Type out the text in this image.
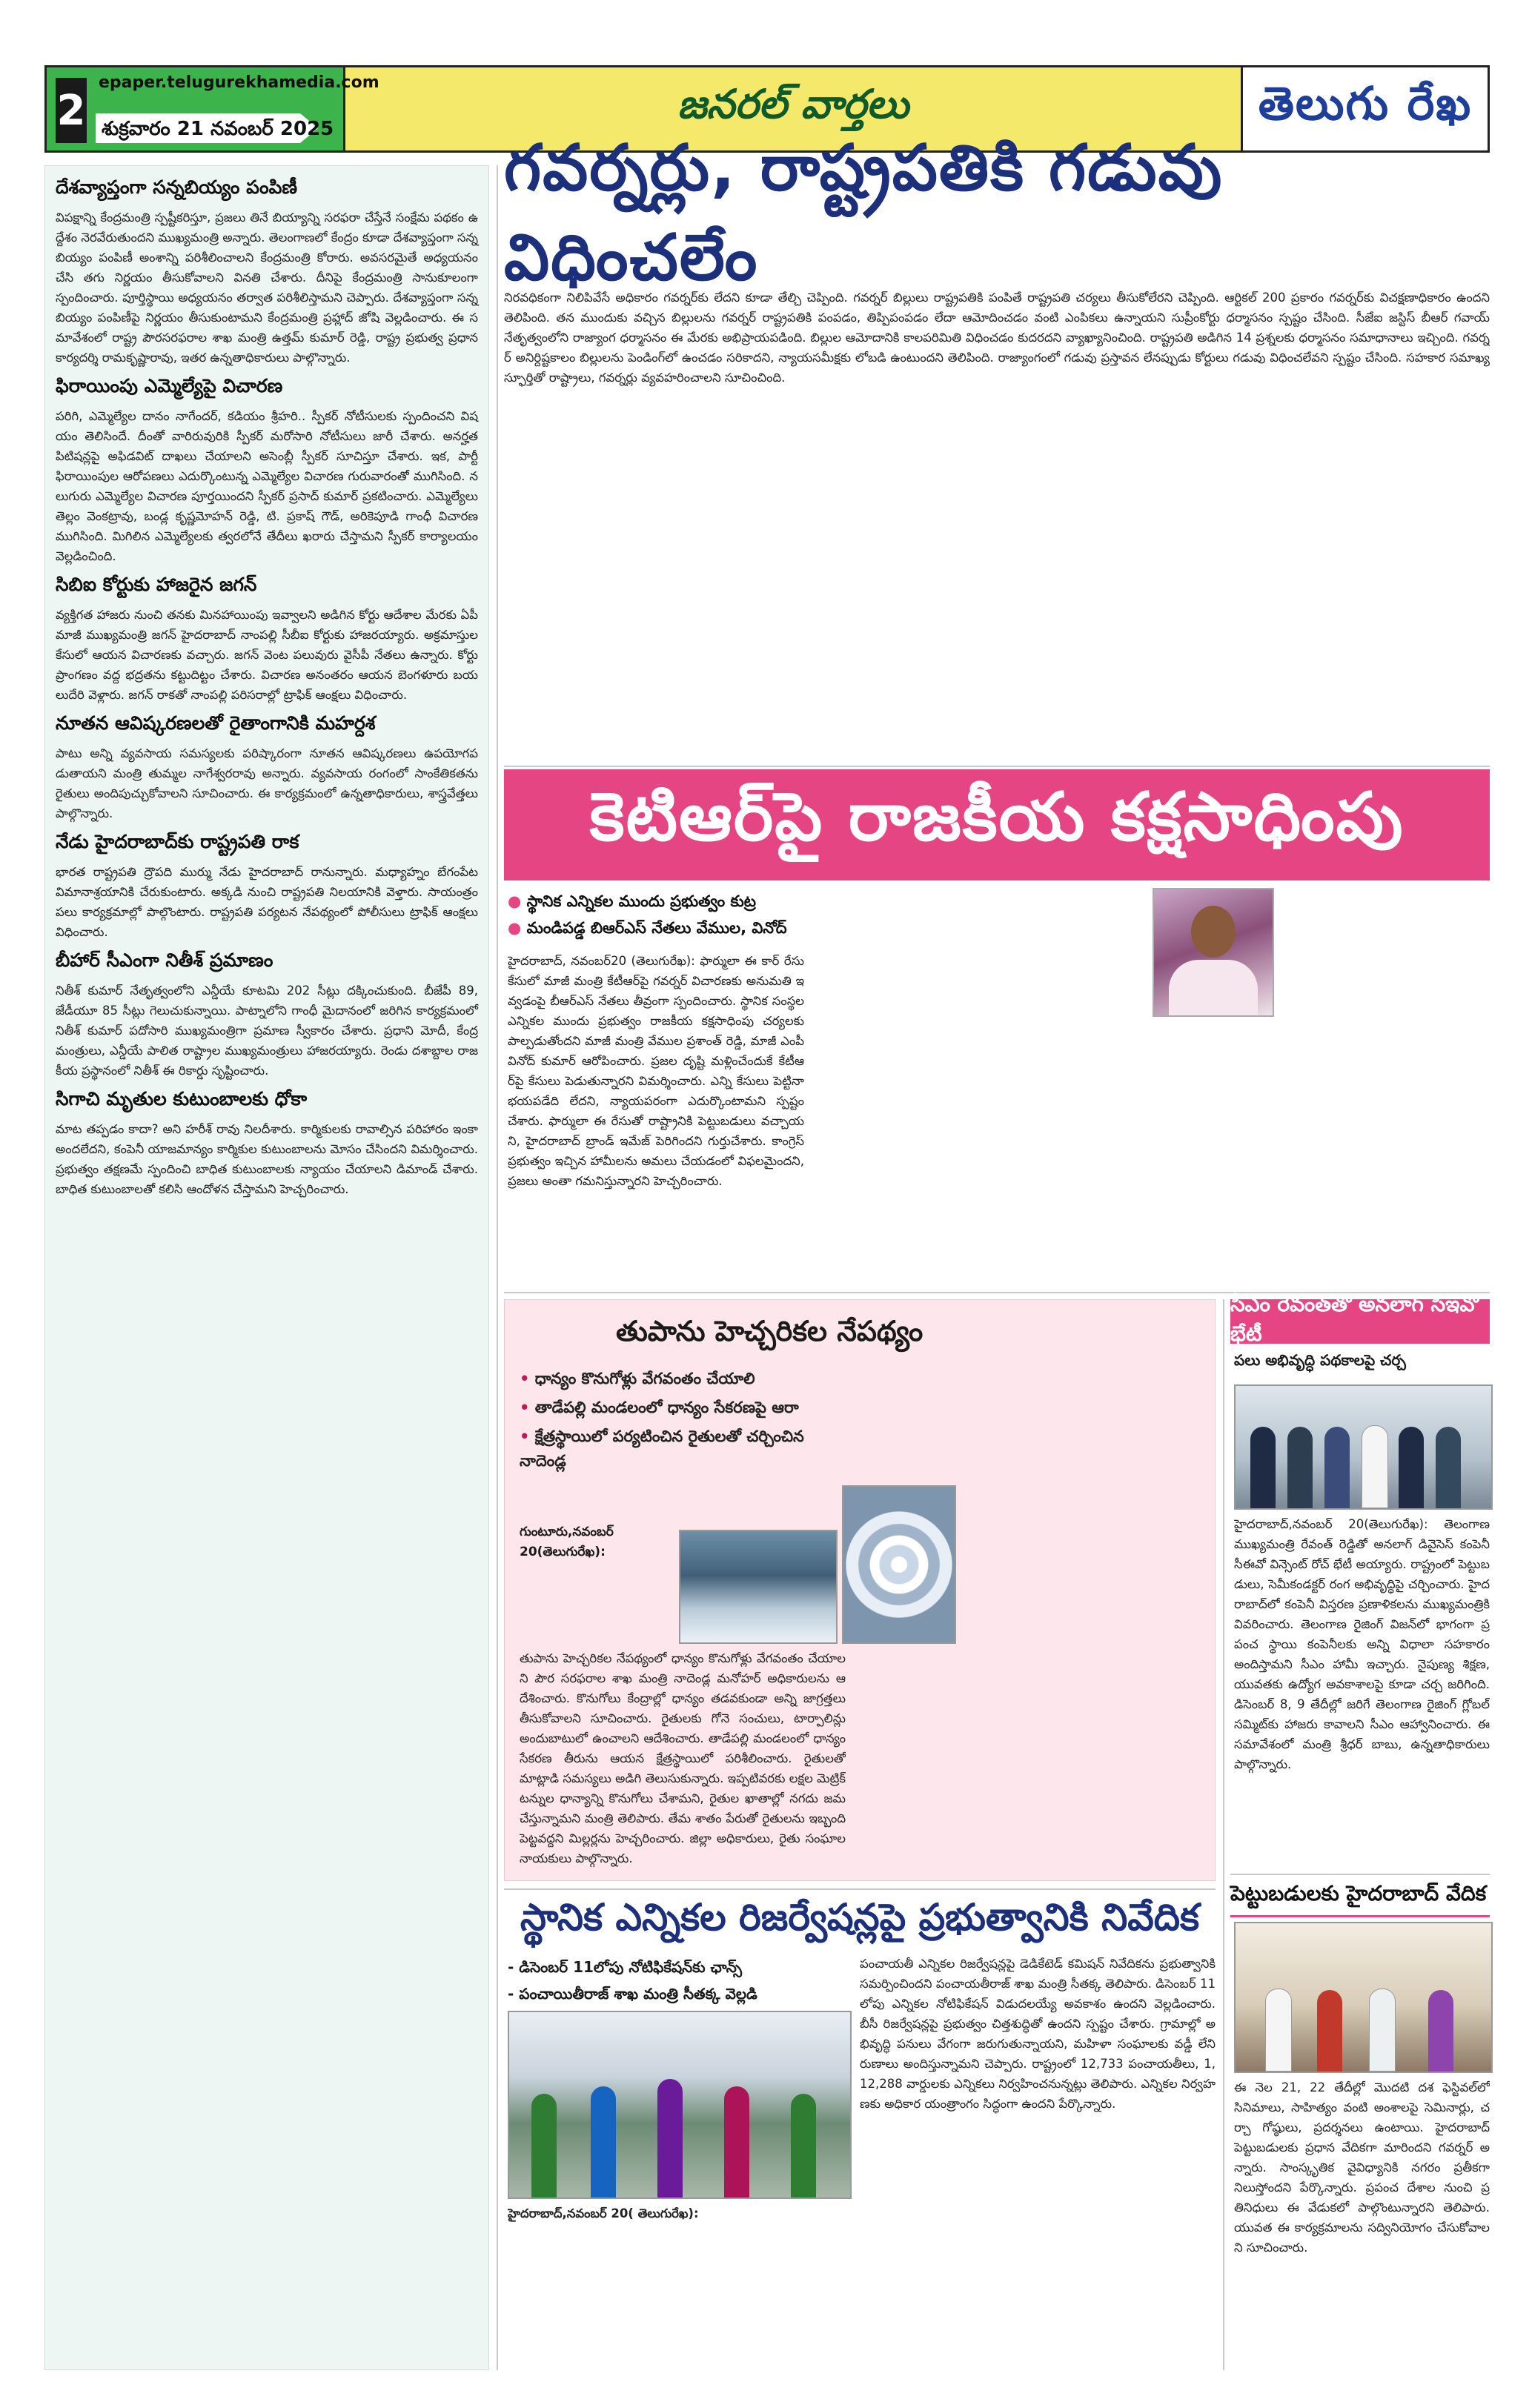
2
epaper.telugurekhamedia.com
శుక్రవారం 21 నవంబర్ 2025
జనరల్ వార్తలు	తెలుగు రేఖ
దేశవ్యాప్తంగా సన్నబియ్యం పంపిణీ
విపక్షాన్ని కేంద్రమంత్రి స్పష్టీకరిస్తూ, ప్రజలు తినే బియ్యాన్ని సరఫరా చేస్తేనే సంక్షేమ పథకం ఉద్దేశం నెరవేరుతుందని ముఖ్యమంత్రి అన్నారు. తెలంగాణలో కేంద్రం కూడా దేశవ్యాప్తంగా సన్న బియ్యం పంపిణీ అంశాన్ని పరిశీలించాలని కేంద్రమంత్రి కోరారు. అవసరమైతే అధ్యయనం చేసి తగు నిర్ణయం తీసుకోవాలని వినతి చేశారు. దీనిపై కేంద్రమంత్రి సానుకూలంగా స్పందించారు. పూర్తిస్థాయి అధ్యయనం తర్వాత పరిశీలిస్తామని చెప్పారు. దేశవ్యాప్తంగా సన్న బియ్యం పంపిణీపై నిర్ణయం తీసుకుంటామని కేంద్రమంత్రి ప్రహ్లాద్ జోషి వెల్లడించారు. ఈ సమావేశంలో రాష్ట్ర పౌరసరఫరాల శాఖ మంత్రి ఉత్తమ్ కుమార్ రెడ్డి, రాష్ట్ర ప్రభుత్వ ప్రధాన కార్యదర్శి రామకృష్ణారావు, ఇతర ఉన్నతాధికారులు పాల్గొన్నారు.
ఫిరాయింపు ఎమ్మెల్యేపై విచారణ
పరిగి, ఎమ్మెల్యేల దానం నాగేందర్, కడియం శ్రీహరి.. స్పీకర్ నోటీసులకు స్పందించని విషయం తెలిసిందే. దీంతో వారిరువురికి స్పీకర్ మరోసారి నోటీసులు జారీ చేశారు. అనర్హత పిటిషన్లపై అఫిడవిట్ దాఖలు చేయాలని అసెంబ్లీ స్పీకర్ సూచిస్తూ చేశారు. ఇక, పార్టీ ఫిరాయింపుల ఆరోపణలు ఎదుర్కొంటున్న ఎమ్మెల్యేల విచారణ గురువారంతో ముగిసింది. నలుగురు ఎమ్మెల్యేల విచారణ పూర్తయిందని స్పీకర్ ప్రసాద్ కుమార్ ప్రకటించారు. ఎమ్మెల్యేలు తెల్లం వెంకట్రావు, బండ్ల కృష్ణమోహన్ రెడ్డి, టి. ప్రకాష్ గౌడ్, అరికెపూడి గాంధీ విచారణ ముగిసింది. మిగిలిన ఎమ్మెల్యేలకు త్వరలోనే తేదీలు ఖరారు చేస్తామని స్పీకర్ కార్యాలయం వెల్లడించింది.
సిబిఐ కోర్టుకు హాజరైన జగన్
వ్యక్తిగత హాజరు నుంచి తనకు మినహాయింపు ఇవ్వాలని అడిగిన కోర్టు ఆదేశాల మేరకు ఏపీ మాజీ ముఖ్యమంత్రి జగన్ హైదరాబాద్ నాంపల్లి సీబీఐ కోర్టుకు హాజరయ్యారు. అక్రమాస్తుల కేసులో ఆయన విచారణకు వచ్చారు. జగన్ వెంట పలువురు వైసీపీ నేతలు ఉన్నారు. కోర్టు ప్రాంగణం వద్ద భద్రతను కట్టుదిట్టం చేశారు. విచారణ అనంతరం ఆయన బెంగళూరు బయలుదేరి వెళ్లారు. జగన్ రాకతో నాంపల్లి పరిసరాల్లో ట్రాఫిక్ ఆంక్షలు విధించారు.
నూతన ఆవిష్కరణలతో రైతాంగానికి మహర్దశ
పాటు అన్ని వ్యవసాయ సమస్యలకు పరిష్కారంగా నూతన ఆవిష్కరణలు ఉపయోగపడుతాయని మంత్రి తుమ్మల నాగేశ్వరరావు అన్నారు. వ్యవసాయ రంగంలో సాంకేతికతను రైతులు అందిపుచ్చుకోవాలని సూచించారు. ఈ కార్యక్రమంలో ఉన్నతాధికారులు, శాస్త్రవేత్తలు పాల్గొన్నారు.
నేడు హైదరాబాద్‌కు రాష్ట్రపతి రాక
భారత రాష్ట్రపతి ద్రౌపది ముర్ము నేడు హైదరాబాద్ రానున్నారు. మధ్యాహ్నం బేగంపేట విమానాశ్రయానికి చేరుకుంటారు. అక్కడి నుంచి రాష్ట్రపతి నిలయానికి వెళ్తారు. సాయంత్రం పలు కార్యక్రమాల్లో పాల్గొంటారు. రాష్ట్రపతి పర్యటన నేపథ్యంలో పోలీసులు ట్రాఫిక్ ఆంక్షలు విధించారు.
బీహార్ సీఎంగా నితీశ్ ప్రమాణం
నితీశ్ కుమార్ నేతృత్వంలోని ఎన్డీయే కూటమి 202 సీట్లు దక్కించుకుంది. బీజేపీ 89, జేడీయూ 85 సీట్లు గెలుచుకున్నాయి. పాట్నాలోని గాంధీ మైదానంలో జరిగిన కార్యక్రమంలో నితీశ్ కుమార్ పదోసారి ముఖ్యమంత్రిగా ప్రమాణ స్వీకారం చేశారు. ప్రధాని మోదీ, కేంద్ర మంత్రులు, ఎన్డీయే పాలిత రాష్ట్రాల ముఖ్యమంత్రులు హాజరయ్యారు. రెండు దశాబ్దాల రాజకీయ ప్రస్థానంలో నితీశ్ ఈ రికార్డు సృష్టించారు.
సిగాచి మృతుల కుటుంబాలకు ధోకా
మాట తప్పడం కాదా? అని హరీశ్ రావు నిలదీశారు. కార్మికులకు రావాల్సిన పరిహారం ఇంకా అందలేదని, కంపెనీ యాజమాన్యం కార్మికుల కుటుంబాలను మోసం చేసిందని విమర్శించారు. ప్రభుత్వం తక్షణమే స్పందించి బాధిత కుటుంబాలకు న్యాయం చేయాలని డిమాండ్ చేశారు. బాధిత కుటుంబాలతో కలిసి ఆందోళన చేస్తామని హెచ్చరించారు.
గవర్నర్లు, రాష్ట్రపతికి గడువు విధించలేం
నిరవధికంగా నిలిపివేసే అధికారం గవర్నర్‌కు లేదని కూడా తేల్చి చెప్పింది. గవర్నర్ బిల్లులు రాష్ట్రపతికి పంపితే రాష్ట్రపతి చర్యలు తీసుకోలేరని చెప్పింది. ఆర్టికల్ 200 ప్రకారం గవర్నర్‌కు విచక్షణాధికారం ఉందని తెలిపింది. తన ముందుకు వచ్చిన బిల్లులను గవర్నర్ రాష్ట్రపతికి పంపడం, తిప్పిపంపడం లేదా ఆమోదించడం వంటి ఎంపికలు ఉన్నాయని సుప్రీంకోర్టు ధర్మాసనం స్పష్టం చేసింది. సీజేఐ జస్టిస్ బీఆర్ గవాయ్ నేతృత్వంలోని రాజ్యాంగ ధర్మాసనం ఈ మేరకు అభిప్రాయపడింది. బిల్లుల ఆమోదానికి కాలపరిమితి విధించడం కుదరదని వ్యాఖ్యానించింది. రాష్ట్రపతి అడిగిన 14 ప్రశ్నలకు ధర్మాసనం సమాధానాలు ఇచ్చింది. గవర్నర్ అనిర్దిష్టకాలం బిల్లులను పెండింగ్‌లో ఉంచడం సరికాదని, న్యాయసమీక్షకు లోబడి ఉంటుందని తెలిపింది. రాజ్యాంగంలో గడువు ప్రస్తావన లేనప్పుడు కోర్టులు గడువు విధించలేవని స్పష్టం చేసింది. సహకార సమాఖ్య స్ఫూర్తితో రాష్ట్రాలు, గవర్నర్లు వ్యవహరించాలని సూచించింది.
కెటిఆర్‌పై రాజకీయ కక్షసాధింపు
● స్థానిక ఎన్నికల ముందు ప్రభుత్వం కుట్ర
● మండిపడ్డ బిఆర్ఎస్ నేతలు వేముల, వినోద్
హైదరాబాద్, నవంబర్20 (తెలుగురేఖ): ఫార్ములా ఈ కార్ రేసు కేసులో మాజీ మంత్రి కేటీఆర్‌పై గవర్నర్ విచారణకు అనుమతి ఇవ్వడంపై బీఆర్ఎస్ నేతలు తీవ్రంగా స్పందించారు. స్థానిక సంస్థల ఎన్నికల ముందు ప్రభుత్వం రాజకీయ కక్షసాధింపు చర్యలకు పాల్పడుతోందని మాజీ మంత్రి వేముల ప్రశాంత్ రెడ్డి, మాజీ ఎంపీ వినోద్ కుమార్ ఆరోపించారు. ప్రజల దృష్టి మళ్లించేందుకే కేటీఆర్‌పై కేసులు పెడుతున్నారని విమర్శించారు. ఎన్ని కేసులు పెట్టినా భయపడేది లేదని, న్యాయపరంగా ఎదుర్కొంటామని స్పష్టం చేశారు. ఫార్ములా ఈ రేసుతో రాష్ట్రానికి పెట్టుబడులు వచ్చాయని, హైదరాబాద్ బ్రాండ్ ఇమేజ్ పెరిగిందని గుర్తుచేశారు. కాంగ్రెస్ ప్రభుత్వం ఇచ్చిన హామీలను అమలు చేయడంలో విఫలమైందని, ప్రజలు అంతా గమనిస్తున్నారని హెచ్చరించారు.
తుపాను హెచ్చరికల నేపథ్యం
• ధాన్యం కొనుగోళ్లు వేగవంతం చేయాలి
• తాడేపల్లి మండలంలో ధాన్యం సేకరణపై ఆరా
• క్షేత్రస్థాయిలో పర్యటించిన రైతులతో చర్చించిన నాదెండ్ల
గుంటూరు,నవంబర్ 20(తెలుగురేఖ):
తుపాను హెచ్చరికల నేపథ్యంలో ధాన్యం కొనుగోళ్లు వేగవంతం చేయాలని పౌర సరఫరాల శాఖ మంత్రి నాదెండ్ల మనోహర్ అధికారులను ఆదేశించారు. కొనుగోలు కేంద్రాల్లో ధాన్యం తడవకుండా అన్ని జాగ్రత్తలు తీసుకోవాలని సూచించారు. రైతులకు గోనె సంచులు, టార్పాలిన్లు అందుబాటులో ఉంచాలని ఆదేశించారు. తాడేపల్లి మండలంలో ధాన్యం సేకరణ తీరును ఆయన క్షేత్రస్థాయిలో పరిశీలించారు. రైతులతో మాట్లాడి సమస్యలు అడిగి తెలుసుకున్నారు. ఇప్పటివరకు లక్షల మెట్రిక్ టన్నుల ధాన్యాన్ని కొనుగోలు చేశామని, రైతుల ఖాతాల్లో నగదు జమ చేస్తున్నామని మంత్రి తెలిపారు. తేమ శాతం పేరుతో రైతులను ఇబ్బంది పెట్టవద్దని మిల్లర్లను హెచ్చరించారు. జిల్లా అధికారులు, రైతు సంఘాల నాయకులు పాల్గొన్నారు.
సీఎం రేవంత్‌తో అనలాగ్ సిఇవో భేటీ
పలు అభివృద్ధి పథకాలపై చర్చ
హైదరాబాద్,నవంబర్ 20(తెలుగురేఖ): తెలంగాణ ముఖ్యమంత్రి రేవంత్ రెడ్డితో అనలాగ్ డివైసెస్ కంపెనీ సీఈవో విన్సెంట్ రోచ్ భేటీ అయ్యారు. రాష్ట్రంలో పెట్టుబడులు, సెమీకండక్టర్ రంగ అభివృద్ధిపై చర్చించారు. హైదరాబాద్‌లో కంపెనీ విస్తరణ ప్రణాళికలను ముఖ్యమంత్రికి వివరించారు. తెలంగాణ రైజింగ్ విజన్‌లో భాగంగా ప్రపంచ స్థాయి కంపెనీలకు అన్ని విధాలా సహకారం అందిస్తామని సీఎం హామీ ఇచ్చారు. నైపుణ్య శిక్షణ, యువతకు ఉద్యోగ అవకాశాలపై కూడా చర్చ జరిగింది. డిసెంబర్ 8, 9 తేదీల్లో జరిగే తెలంగాణ రైజింగ్ గ్లోబల్ సమ్మిట్‌కు హాజరు కావాలని సీఎం ఆహ్వానించారు. ఈ సమావేశంలో మంత్రి శ్రీధర్ బాబు, ఉన్నతాధికారులు పాల్గొన్నారు.
పెట్టుబడులకు హైదరాబాద్ వేదిక
ఈ నెల 21, 22 తేదీల్లో మొదటి దశ ఫెస్టివల్‌లో సినిమాలు, సాహిత్యం వంటి అంశాలపై సెమినార్లు, చర్చా గోష్ఠులు, ప్రదర్శనలు ఉంటాయి. హైదరాబాద్ పెట్టుబడులకు ప్రధాన వేదికగా మారిందని గవర్నర్ అన్నారు. సాంస్కృతిక వైవిధ్యానికి నగరం ప్రతీకగా నిలుస్తోందని పేర్కొన్నారు. ప్రపంచ దేశాల నుంచి ప్రతినిధులు ఈ వేడుకలో పాల్గొంటున్నారని తెలిపారు. యువత ఈ కార్యక్రమాలను సద్వినియోగం చేసుకోవాలని సూచించారు.
స్థానిక ఎన్నికల రిజర్వేషన్లపై ప్రభుత్వానికి నివేదిక
- డిసెంబర్ 11లోపు నోటిఫికేషన్‌కు ఛాన్స్
- పంచాయితీరాజ్ శాఖ మంత్రి సీతక్క వెల్లడి
పంచాయతీ ఎన్నికల రిజర్వేషన్లపై డెడికేటెడ్ కమిషన్ నివేదికను ప్రభుత్వానికి సమర్పించిందని పంచాయతీరాజ్ శాఖ మంత్రి సీతక్క తెలిపారు. డిసెంబర్ 11లోపు ఎన్నికల నోటిఫికేషన్ విడుదలయ్యే అవకాశం ఉందని వెల్లడించారు. బీసీ రిజర్వేషన్లపై ప్రభుత్వం చిత్తశుద్ధితో ఉందని స్పష్టం చేశారు. గ్రామాల్లో అభివృద్ధి పనులు వేగంగా జరుగుతున్నాయని, మహిళా సంఘాలకు వడ్డీ లేని రుణాలు అందిస్తున్నామని చెప్పారు. రాష్ట్రంలో 12,733 పంచాయతీలు, 1,12,288 వార్డులకు ఎన్నికలు నిర్వహించనున్నట్లు తెలిపారు. ఎన్నికల నిర్వహణకు అధికార యంత్రాంగం సిద్ధంగా ఉందని పేర్కొన్నారు.
హైదరాబాద్,నవంబర్ 20( తెలుగురేఖ):
